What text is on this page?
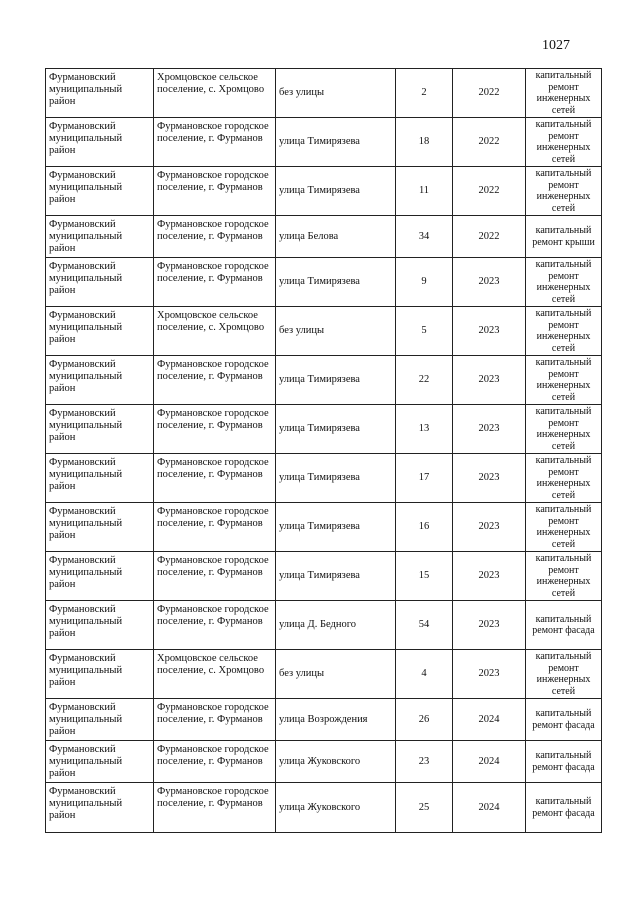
1027
Фурмановский муниципальный район	Хромцовское сельское поселение, с. Хромцово	без улицы	2	2022	капитальный ремонт инженерных сетей
Фурмановский муниципальный район	Фурмановское городское поселение, г. Фурманов	улица Тимирязева	18	2022	капитальный ремонт инженерных сетей
Фурмановский муниципальный район	Фурмановское городское поселение, г. Фурманов	улица Тимирязева	11	2022	капитальный ремонт инженерных сетей
Фурмановский муниципальный район	Фурмановское городское поселение, г. Фурманов	улица Белова	34	2022	капитальный ремонт крыши
Фурмановский муниципальный район	Фурмановское городское поселение, г. Фурманов	улица Тимирязева	9	2023	капитальный ремонт инженерных сетей
Фурмановский муниципальный район	Хромцовское сельское поселение, с. Хромцово	без улицы	5	2023	капитальный ремонт инженерных сетей
Фурмановский муниципальный район	Фурмановское городское поселение, г. Фурманов	улица Тимирязева	22	2023	капитальный ремонт инженерных сетей
Фурмановский муниципальный район	Фурмановское городское поселение, г. Фурманов	улица Тимирязева	13	2023	капитальный ремонт инженерных сетей
Фурмановский муниципальный район	Фурмановское городское поселение, г. Фурманов	улица Тимирязева	17	2023	капитальный ремонт инженерных сетей
Фурмановский муниципальный район	Фурмановское городское поселение, г. Фурманов	улица Тимирязева	16	2023	капитальный ремонт инженерных сетей
Фурмановский муниципальный район	Фурмановское городское поселение, г. Фурманов	улица Тимирязева	15	2023	капитальный ремонт инженерных сетей
Фурмановский муниципальный район	Фурмановское городское поселение, г. Фурманов	улица Д. Бедного	54	2023	капитальный ремонт фасада
Фурмановский муниципальный район	Хромцовское сельское поселение, с. Хромцово	без улицы	4	2023	капитальный ремонт инженерных сетей
Фурмановский муниципальный район	Фурмановское городское поселение, г. Фурманов	улица Возрождения	26	2024	капитальный ремонт фасада
Фурмановский муниципальный район	Фурмановское городское поселение, г. Фурманов	улица Жуковского	23	2024	капитальный ремонт фасада
Фурмановский муниципальный район	Фурмановское городское поселение, г. Фурманов	улица Жуковского	25	2024	капитальный ремонт фасада
